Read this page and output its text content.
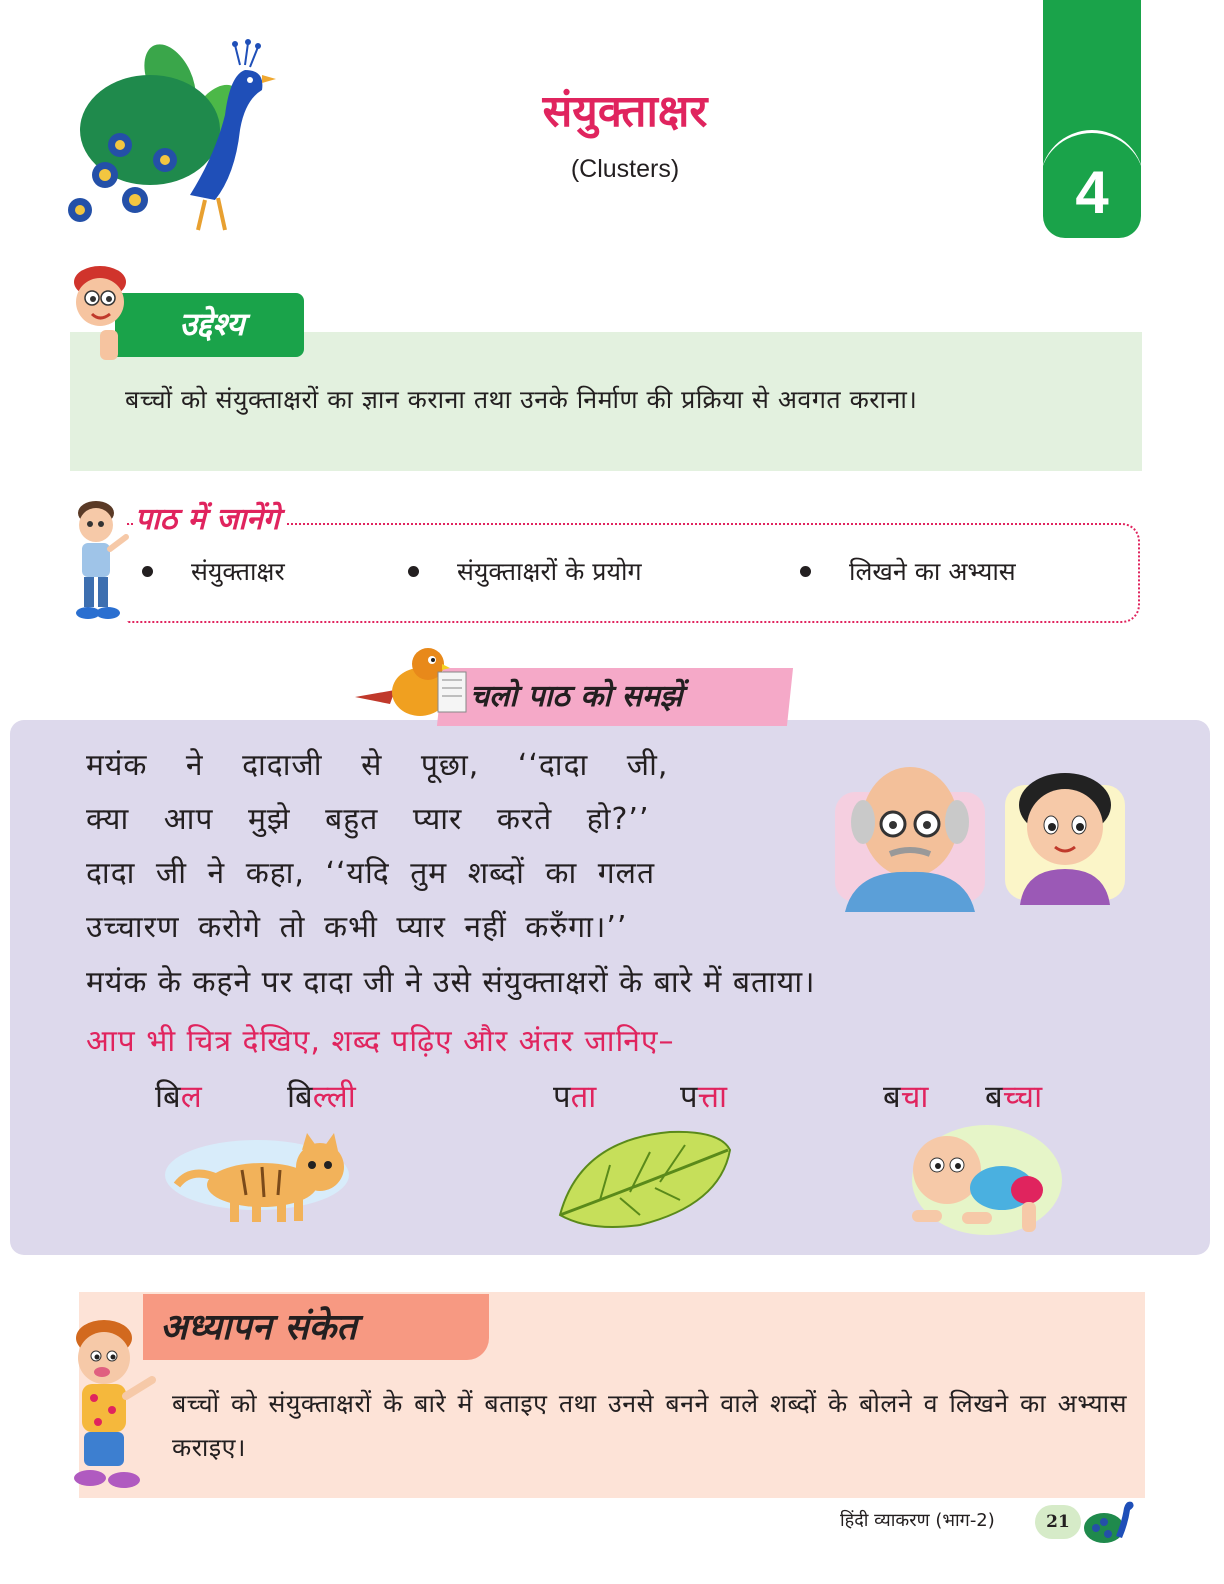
संयुक्ताक्षर
(Clusters)	4
उद्देश्य
बच्चों को संयुक्ताक्षरों का ज्ञान कराना तथा उनके निर्माण की प्रक्रिया से अवगत कराना।
पाठ में जानेंगे
संयुक्ताक्षर	संयुक्ताक्षरों के प्रयोग	लिखने का अभ्यास
चलो पाठ को समझें
मयंक ने दादाजी से पूछा, ‘‘दादा जी,
क्या आप मुझे बहुत प्यार करते हो?’’
दादा जी ने कहा, ‘‘यदि तुम शब्दों का गलत
उच्चारण करोगे तो कभी प्यार नहीं करुँगा।’’
मयंक के कहने पर दादा जी ने उसे संयुक्ताक्षरों के बारे में बताया।
आप भी चित्र देखिए, शब्द पढ़िए और अंतर जानिए–
बिल	बिल्ली	पता	पत्ता	बचा बच्चा
अध्यापन संकेत
बच्चों को संयुक्ताक्षरों के बारे में बताइए तथा उनसे बनने वाले शब्दों के बोलने व लिखने का अभ्यास कराइए।
हिंदी व्याकरण (भाग-2)	21
